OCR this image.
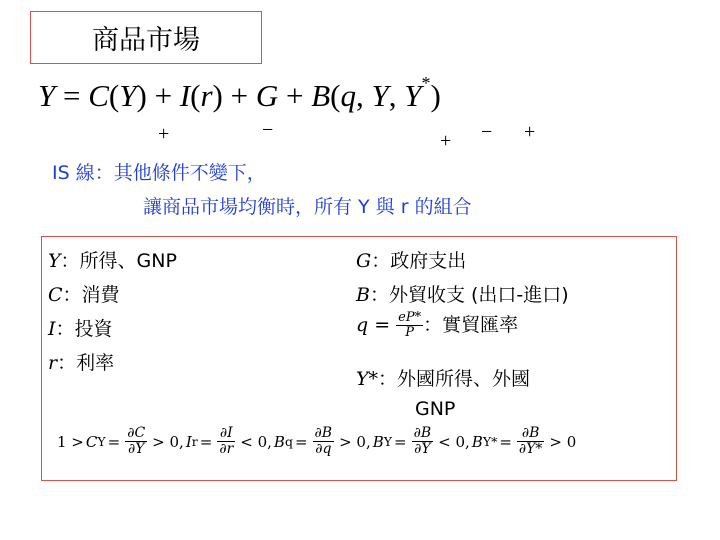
商品市場
Y = C(Y) + I(r) + G + B(q, Y, Y*)
+	−	+ − +
IS 線：其他條件不變下，
讓商品市場均衡時，所有 Y 與 r 的組合
Y：所得、GNP
C：消費
I：投資
r：利率
G：政府支出
B：外貿收支 (出口-進口)
$q = \frac{eP*}{P}$ ：實貿匯率
Y*：外國所得、外國
GNP
1 > C $Y = \frac{\partial C}{\partial Y} > 0$, I $r = \frac{\partial I}{\partial r} < 0$, B $q = \frac{\partial B}{\partial q} > 0$, B $Y = \frac{\partial B}{\partial Y} < 0$, B $Y* = \frac{\partial B}{\partial Y*} > 0$
